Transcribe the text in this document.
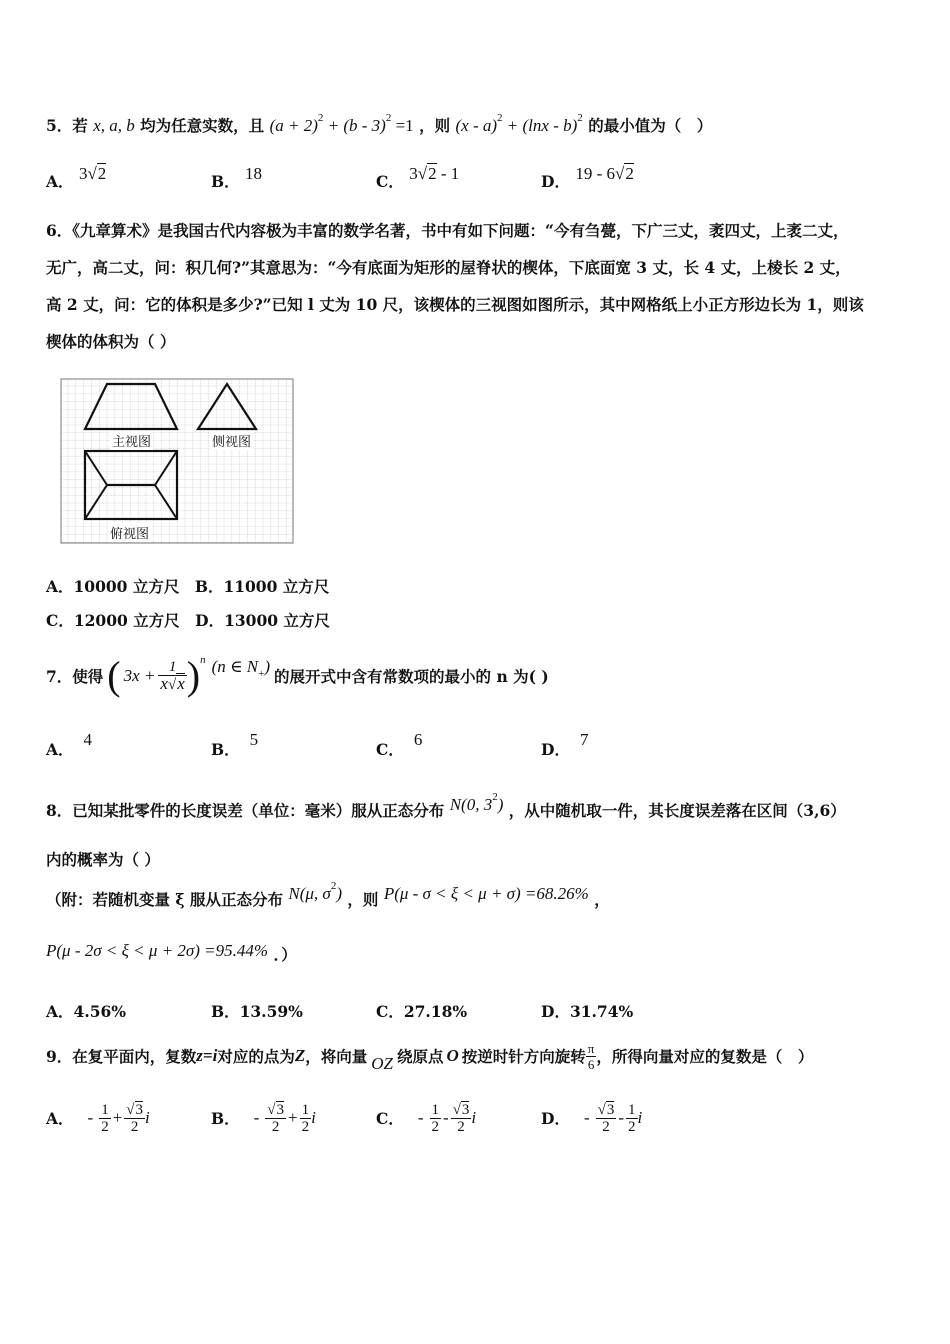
5．若 x, a, b 均为任意实数，且 $(a + 2)^2 + (b - 3)^2 =1$ ，则 (x - a)$^2$ + (lnx - b)$^2$ 的最小值为（　）
A． 3√2	B． 18	C． 3√2 - 1	D． 19 - 6√2
6．《九章算术》是我国古代内容极为丰富的数学名著，书中有如下问题：“今有刍甍，下广三丈，袤四丈，上袤二丈，
无广，高二丈，问：积几何?”其意思为：“今有底面为矩形的屋脊状的楔体，下底面宽 3 丈，长 4 丈，上棱长 2 丈，
高 2 丈，问：它的体积是多少?”已知 l 丈为 10 尺，该楔体的三视图如图所示，其中网格纸上小正方形边长为 1，则该
楔体的体积为（ ）
主视图	侧视图
俯视图
A．10000 立方尺　B．11000 立方尺
C．12000 立方尺　D．13000 立方尺
7．使得 ( $3x + \frac{1}{x√x}$ ) n (n ∈ $N_+$)
的展开式中含有常数项的最小的 n 为( )
A．4
B．5
C．6
D．7
8．已知某批零件的长度误差（单位：毫米）服从正态分布 N(0, $3^2$) ，从中随机取一件，其长度误差落在区间（3,6）
内的概率为（ ）
（附：若随机变量 ξ 服从正态分布 N(μ, $\sigma^2$) ，则 P(μ - σ < ξ < μ + σ) =68.26% ，
P(μ - 2σ < ξ < μ + 2σ) =95.44% ．）
A．4.56%	B．13.59%	C．27.18%	D．31.74%
9．在复平面内，复数 z=i 对应的点为 Z ，将向量 OZ 绕原点 O 按逆时针方向旋转 $\frac{\pi}{6}$ ，所得向量对应的复数是（　）
A． - $\frac{1}{2} + \frac{√3}{2}$ i	B． - $\frac{√3}{2} + \frac{1}{2}$ i	C． - $\frac{1}{2} - \frac{√3}{2}$ i	D． - $\frac{√3}{2} - \frac{1}{2}$ i
